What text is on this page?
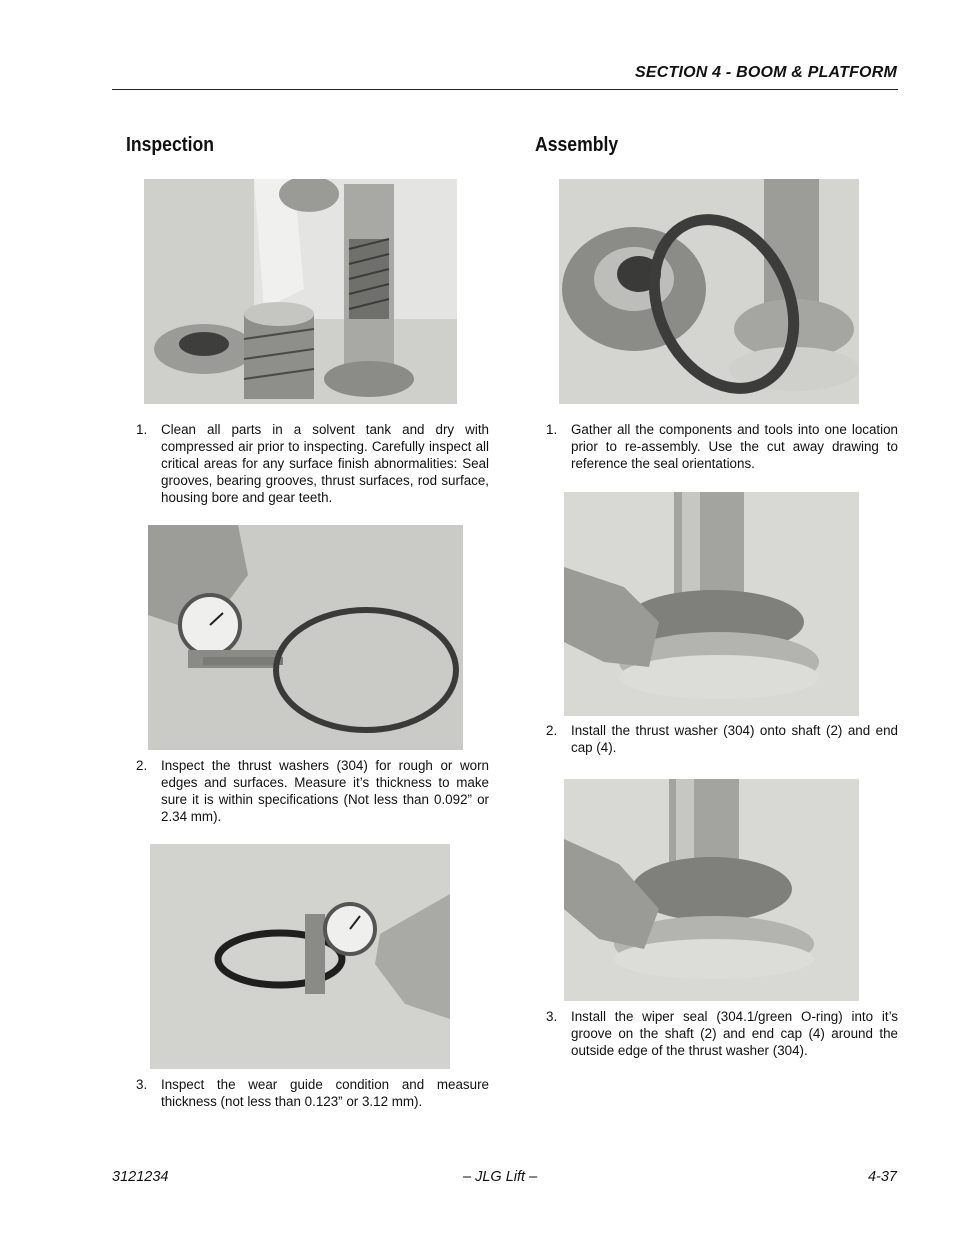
SECTION 4 - BOOM & PLATFORM
Inspection
1. Clean all parts in a solvent tank and dry with compressed air prior to inspecting. Carefully inspect all critical areas for any surface finish abnormalities: Seal grooves, bearing grooves, thrust surfaces, rod surface, housing bore and gear teeth.
2. Inspect the thrust washers (304) for rough or worn edges and surfaces. Measure it’s thickness to make sure it is within specifications (Not less than 0.092” or 2.34 mm).
3. Inspect the wear guide condition and measure thickness (not less than 0.123” or 3.12 mm).
Assembly
1. Gather all the components and tools into one location prior to re-assembly. Use the cut away drawing to reference the seal orientations.
2. Install the thrust washer (304) onto shaft (2) and end cap (4).
3. Install the wiper seal (304.1/green O-ring) into it’s groove on the shaft (2) and end cap (4) around the outside edge of the thrust washer (304).
3121234	– JLG Lift –	4-37
